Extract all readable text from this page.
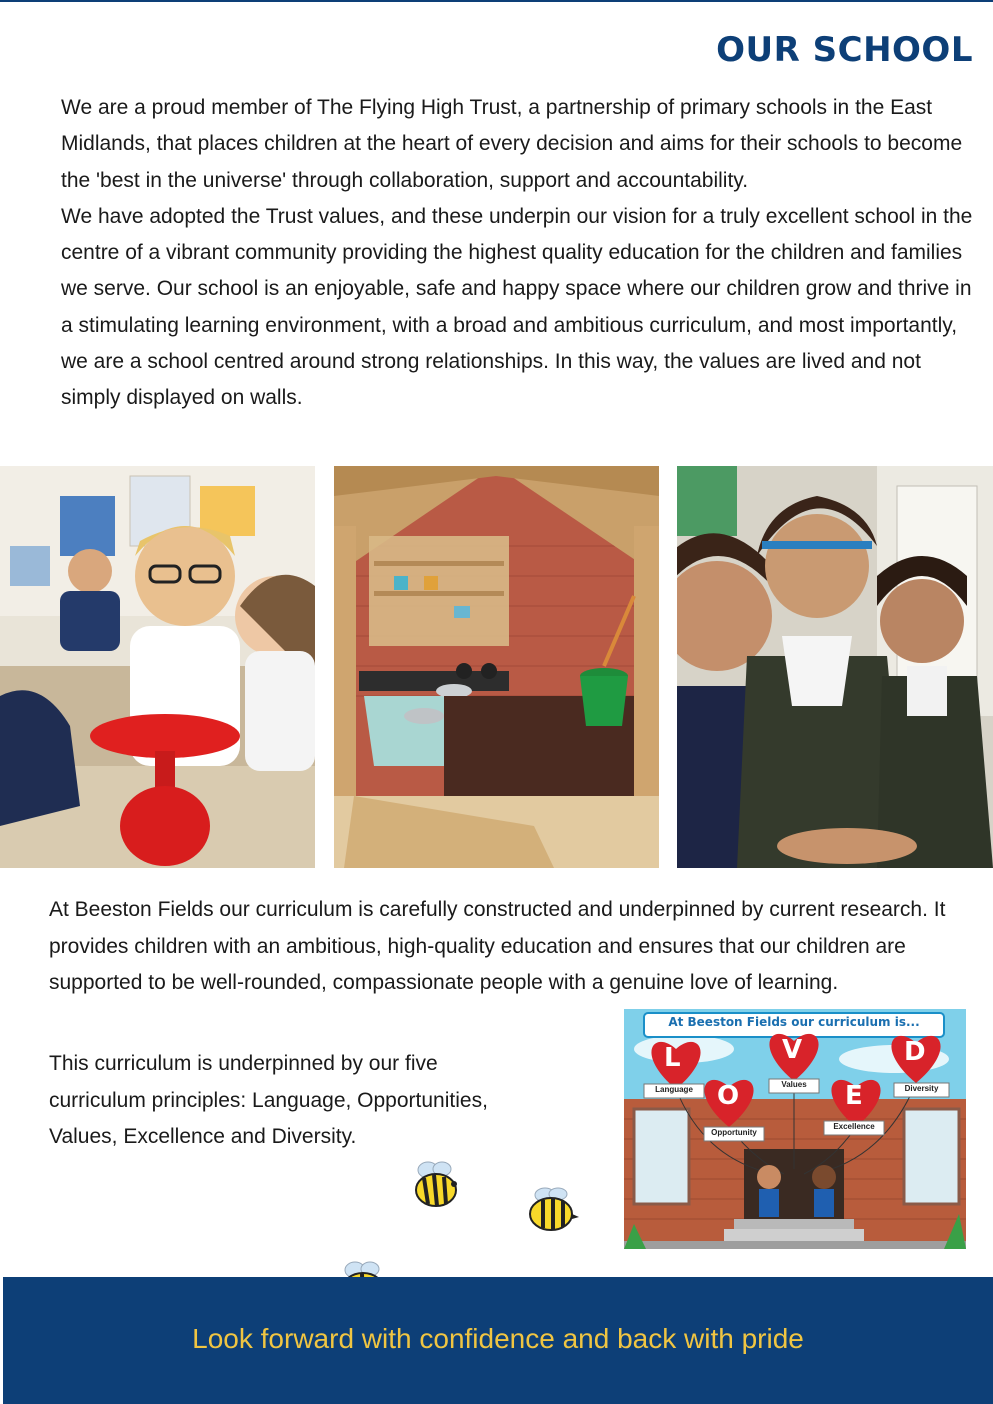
OUR SCHOOL

We are a proud member of The Flying High Trust, a partnership of primary schools in the East Midlands, that places children at the heart of every decision and aims for their schools to become the 'best in the universe' through collaboration, support and accountability.

We have adopted the Trust values, and these underpin our vision for a truly excellent school in the centre of a vibrant community providing the highest quality education for the children and families we serve. Our school is an enjoyable, safe and happy space where our children grow and thrive in a stimulating learning environment, with a broad and ambitious curriculum, and most importantly, we are a school centred around strong relationships. In this way, the values are lived and not simply displayed on walls.

At Beeston Fields our curriculum is carefully constructed and underpinned by current research. It provides children with an ambitious, high-quality education and ensures that our children are supported to be well-rounded, compassionate people with a genuine love of learning.

This curriculum is underpinned by our five curriculum principles: Language, Opportunities, Values, Excellence and Diversity.

At Beeston Fields our curriculum is...
L
O
V
E
D
Language
Opportunity
Values
Excellence
Diversity
Look forward with confidence and back with pride
